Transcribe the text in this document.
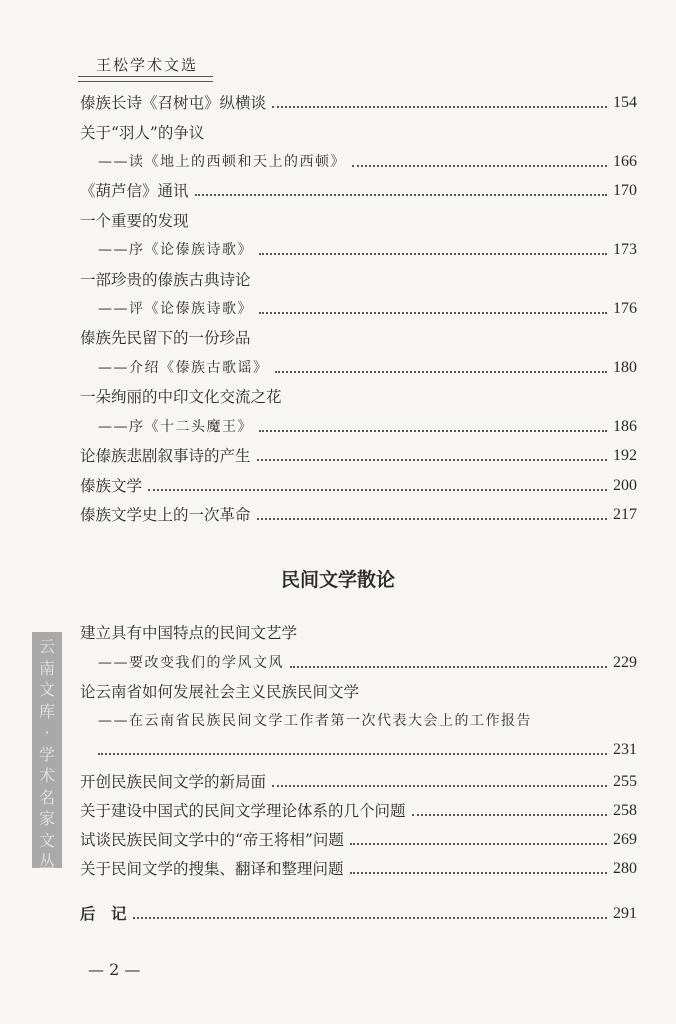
王松学术文选
傣族长诗《召树屯》纵横谈	154
关于“羽人”的争议
——读《地上的西顿和天上的西顿》	166
《葫芦信》通讯	170
一个重要的发现
——序《论傣族诗歌》	173
一部珍贵的傣族古典诗论
——评《论傣族诗歌》	176
傣族先民留下的一份珍品
——介绍《傣族古歌谣》	180
一朵绚丽的中印文化交流之花
——序《十二头魔王》	186
论傣族悲剧叙事诗的产生	192
傣族文学	200
傣族文学史上的一次革命	217
民间文学散论
建立具有中国特点的民间文艺学
——要改变我们的学风文风	229
论云南省如何发展社会主义民族民间文学
——在云南省民族民间文学工作者第一次代表大会上的工作报告
231
开创民族民间文学的新局面	255
关于建设中国式的民间文学理论体系的几个问题	258
试谈民族民间文学中的“帝王将相”问题	269
关于民间文学的搜集、翻译和整理问题	280
后　记	291
云
南
文
库
·
学
术
名
家
文
丛
— 2 —
